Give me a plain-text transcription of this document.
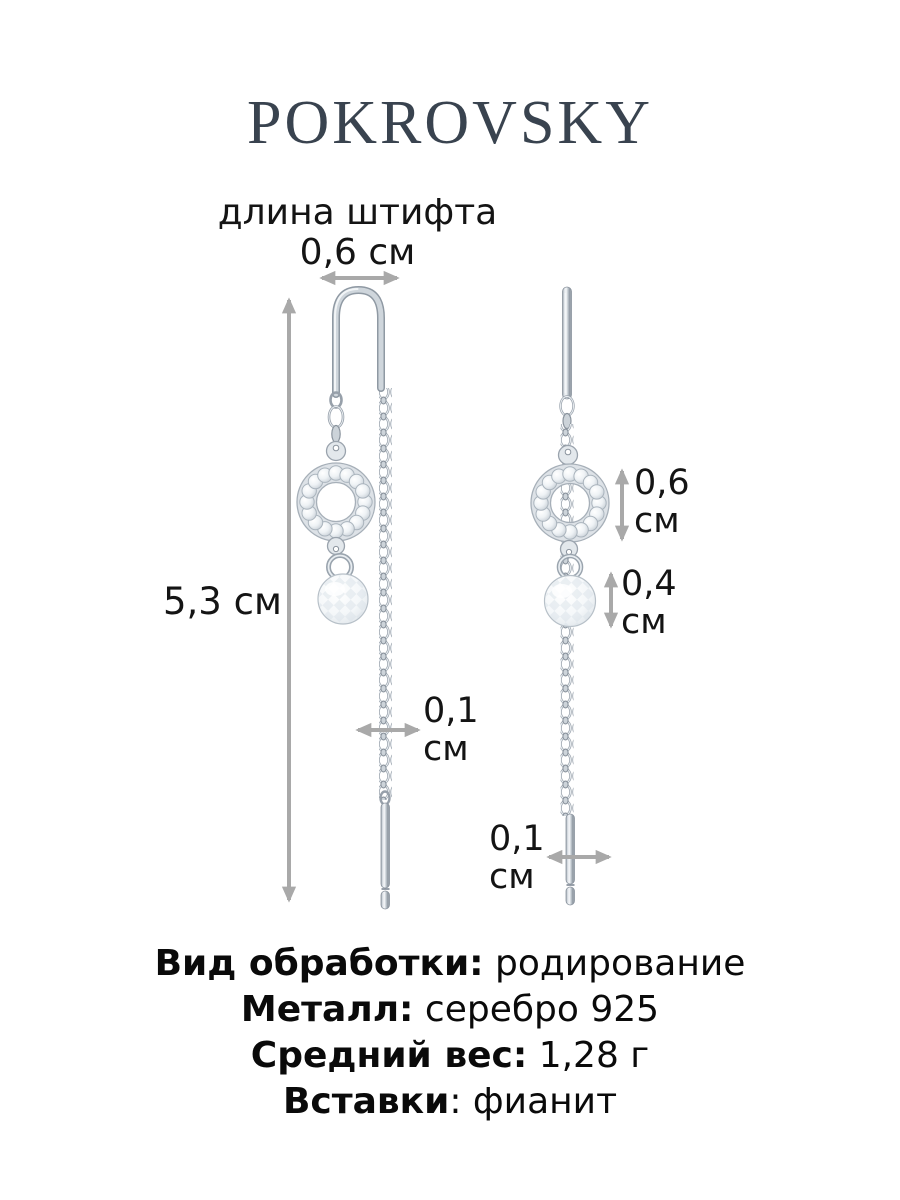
POKROVSKY
длина штифта
0,6 см
5,3 см
0,6
см
0,4
см
0,1
см
0,1
см
Вид обработки: родирование
Металл: серебро 925
Средний вес: 1,28 г
Вставки: фианит
